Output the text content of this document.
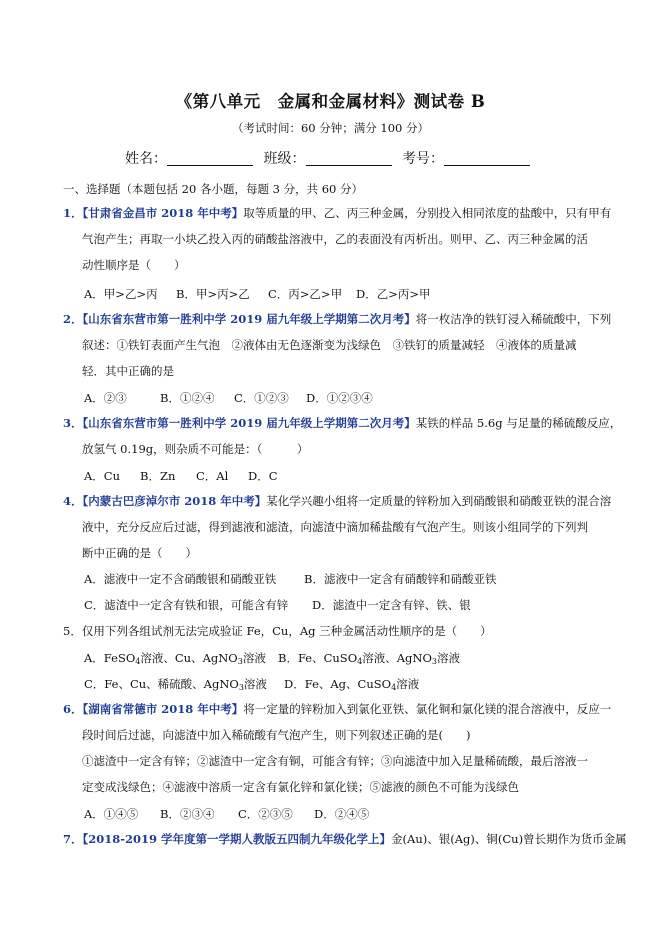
《第八单元　金属和金属材料》测试卷 B
（考试时间：60 分钟；满分 100 分）
姓名：	班级：	考号：
一、选择题（本题包括 20 各小题，每题 3 分，共 60 分）
1．【甘肃省金昌市 2018 年中考】取等质量的甲、乙、丙三种金属，分别投入相同浓度的盐酸中，只有甲有
气泡产生；再取一小块乙投入丙的硝酸盐溶液中，乙的表面没有丙析出。则甲、乙、丙三种金属的活
动性顺序是（　　）
A．甲>乙>丙 B．甲>丙>乙 C．丙>乙>甲 D．乙>丙>甲
2．【山东省东营市第一胜利中学 2019 届九年级上学期第二次月考】将一枚洁净的铁钉浸入稀硫酸中，下列
叙述：①铁钉表面产生气泡　②液体由无色逐渐变为浅绿色　③铁钉的质量减轻　④液体的质量减
轻．其中正确的是
A．②③	B．①②④ C．①②③ D．①②③④
3．【山东省东营市第一胜利中学 2019 届九年级上学期第二次月考】某铁的样品 5.6g 与足量的稀硫酸反应，
放氢气 0.19g，则杂质不可能是：（　　　）
A．Cu B．Zn C．Al D．C
4．【内蒙古巴彦淖尔市 2018 年中考】某化学兴趣小组将一定质量的锌粉加入到硝酸银和硝酸亚铁的混合溶
液中，充分反应后过滤，得到滤液和滤渣，向滤渣中滴加稀盐酸有气泡产生。则该小组同学的下列判
断中正确的是（　　）
A．滤液中一定不含硝酸银和硝酸亚铁 B．滤液中一定含有硝酸锌和硝酸亚铁
C．滤渣中一定含有铁和银，可能含有锌 D．滤渣中一定含有锌、铁、银
5．仅用下列各组试剂无法完成验证 Fe，Cu，Ag 三种金属活动性顺序的是（　　）
A．FeSO$_4$溶液、Cu、AgNO$_3$溶液 B．Fe、CuSO$_4$溶液、AgNO$_3$溶液
C．Fe、Cu、稀硫酸、AgNO$_3$溶液 D．Fe、Ag、CuSO$_4$溶液
6．【湖南省常德市 2018 年中考】将一定量的锌粉加入到氯化亚铁、氯化铜和氯化镁的混合溶液中，反应一
段时间后过滤，向滤渣中加入稀硫酸有气泡产生，则下列叙述正确的是(　　)
①滤渣中一定含有锌；②滤渣中一定含有铜，可能含有锌；③向滤渣中加入足量稀硫酸，最后溶液一
定变成浅绿色；④滤液中溶质一定含有氯化锌和氯化镁；⑤滤液的颜色不可能为浅绿色
A．①④⑤ B．②③④ C．②③⑤ D．②④⑤
7．【2018-2019 学年度第一学期人教版五四制九年级化学上】金(Au)、银(Ag)、铜(Cu)曾长期作为货币金属
